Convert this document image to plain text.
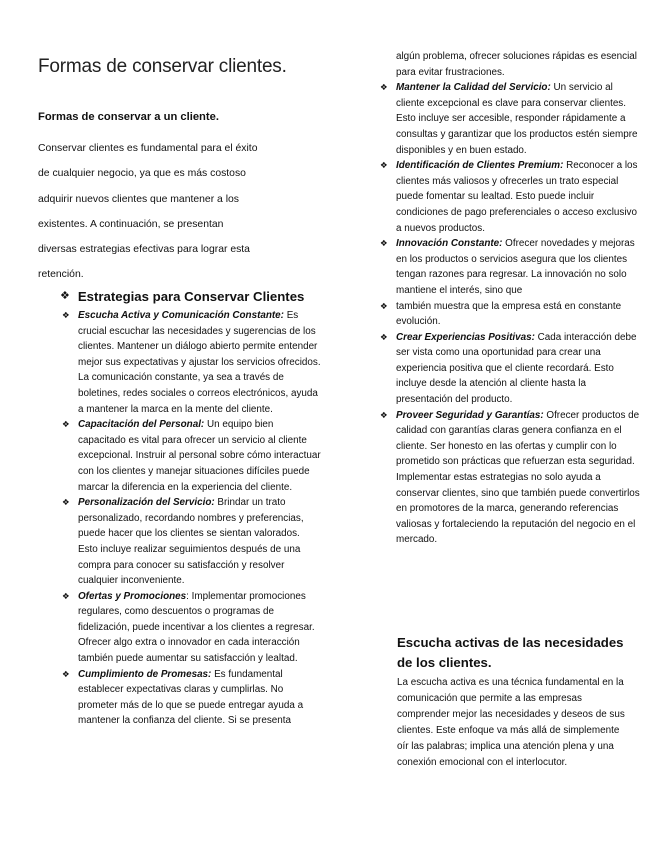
Formas de conservar clientes.
Formas de conservar a un cliente.
Conservar clientes es fundamental para el éxito
de cualquier negocio, ya que es más costoso
adquirir nuevos clientes que mantener a los
existentes. A continuación, se presentan
diversas estrategias efectivas para lograr esta
retención.
❖ Estrategias para Conservar Clientes

❖ Escucha Activa y Comunicación Constante: Es crucial escuchar las necesidades y sugerencias de los clientes. Mantener un diálogo abierto permite entender mejor sus expectativas y ajustar los servicios ofrecidos. La comunicación constante, ya sea a través de boletines, redes sociales o correos electrónicos, ayuda a mantener la marca en la mente del cliente.

❖ Capacitación del Personal: Un equipo bien capacitado es vital para ofrecer un servicio al cliente excepcional. Instruir al personal sobre cómo interactuar con los clientes y manejar situaciones difíciles puede marcar la diferencia en la experiencia del cliente.

❖ Personalización del Servicio: Brindar un trato personalizado, recordando nombres y preferencias, puede hacer que los clientes se sientan valorados. Esto incluye realizar seguimientos después de una compra para conocer su satisfacción y resolver cualquier inconveniente.

❖ Ofertas y Promociones: Implementar promociones regulares, como descuentos o programas de fidelización, puede incentivar a los clientes a regresar. Ofrecer algo extra o innovador en cada interacción también puede aumentar su satisfacción y lealtad.

❖ Cumplimiento de Promesas: Es fundamental establecer expectativas claras y cumplirlas. No prometer más de lo que se puede entregar ayuda a mantener la confianza del cliente. Si se presenta

algún problema, ofrecer soluciones rápidas es esencial para evitar frustraciones.

❖ Mantener la Calidad del Servicio: Un servicio al cliente excepcional es clave para conservar clientes. Esto incluye ser accesible, responder rápidamente a consultas y garantizar que los productos estén siempre disponibles y en buen estado.

❖ Identificación de Clientes Premium: Reconocer a los clientes más valiosos y ofrecerles un trato especial puede fomentar su lealtad. Esto puede incluir condiciones de pago preferenciales o acceso exclusivo a nuevos productos.

❖ Innovación Constante: Ofrecer novedades y mejoras en los productos o servicios asegura que los clientes tengan razones para regresar. La innovación no solo mantiene el interés, sino que

❖ también muestra que la empresa está en constante evolución.

❖ Crear Experiencias Positivas: Cada interacción debe ser vista como una oportunidad para crear una experiencia positiva que el cliente recordará. Esto incluye desde la atención al cliente hasta la presentación del producto.

❖ Proveer Seguridad y Garantías: Ofrecer productos de calidad con garantías claras genera confianza en el cliente. Ser honesto en las ofertas y cumplir con lo prometido son prácticas que refuerzan esta seguridad. Implementar estas estrategias no solo ayuda a conservar clientes, sino que también puede convertirlos en promotores de la marca, generando referencias valiosas y fortaleciendo la reputación del negocio en el mercado.

Escucha activas de las necesidades de los clientes.
La escucha activa es una técnica fundamental en la comunicación que permite a las empresas comprender mejor las necesidades y deseos de sus clientes. Este enfoque va más allá de simplemente oír las palabras; implica una atención plena y una conexión emocional con el interlocutor.
